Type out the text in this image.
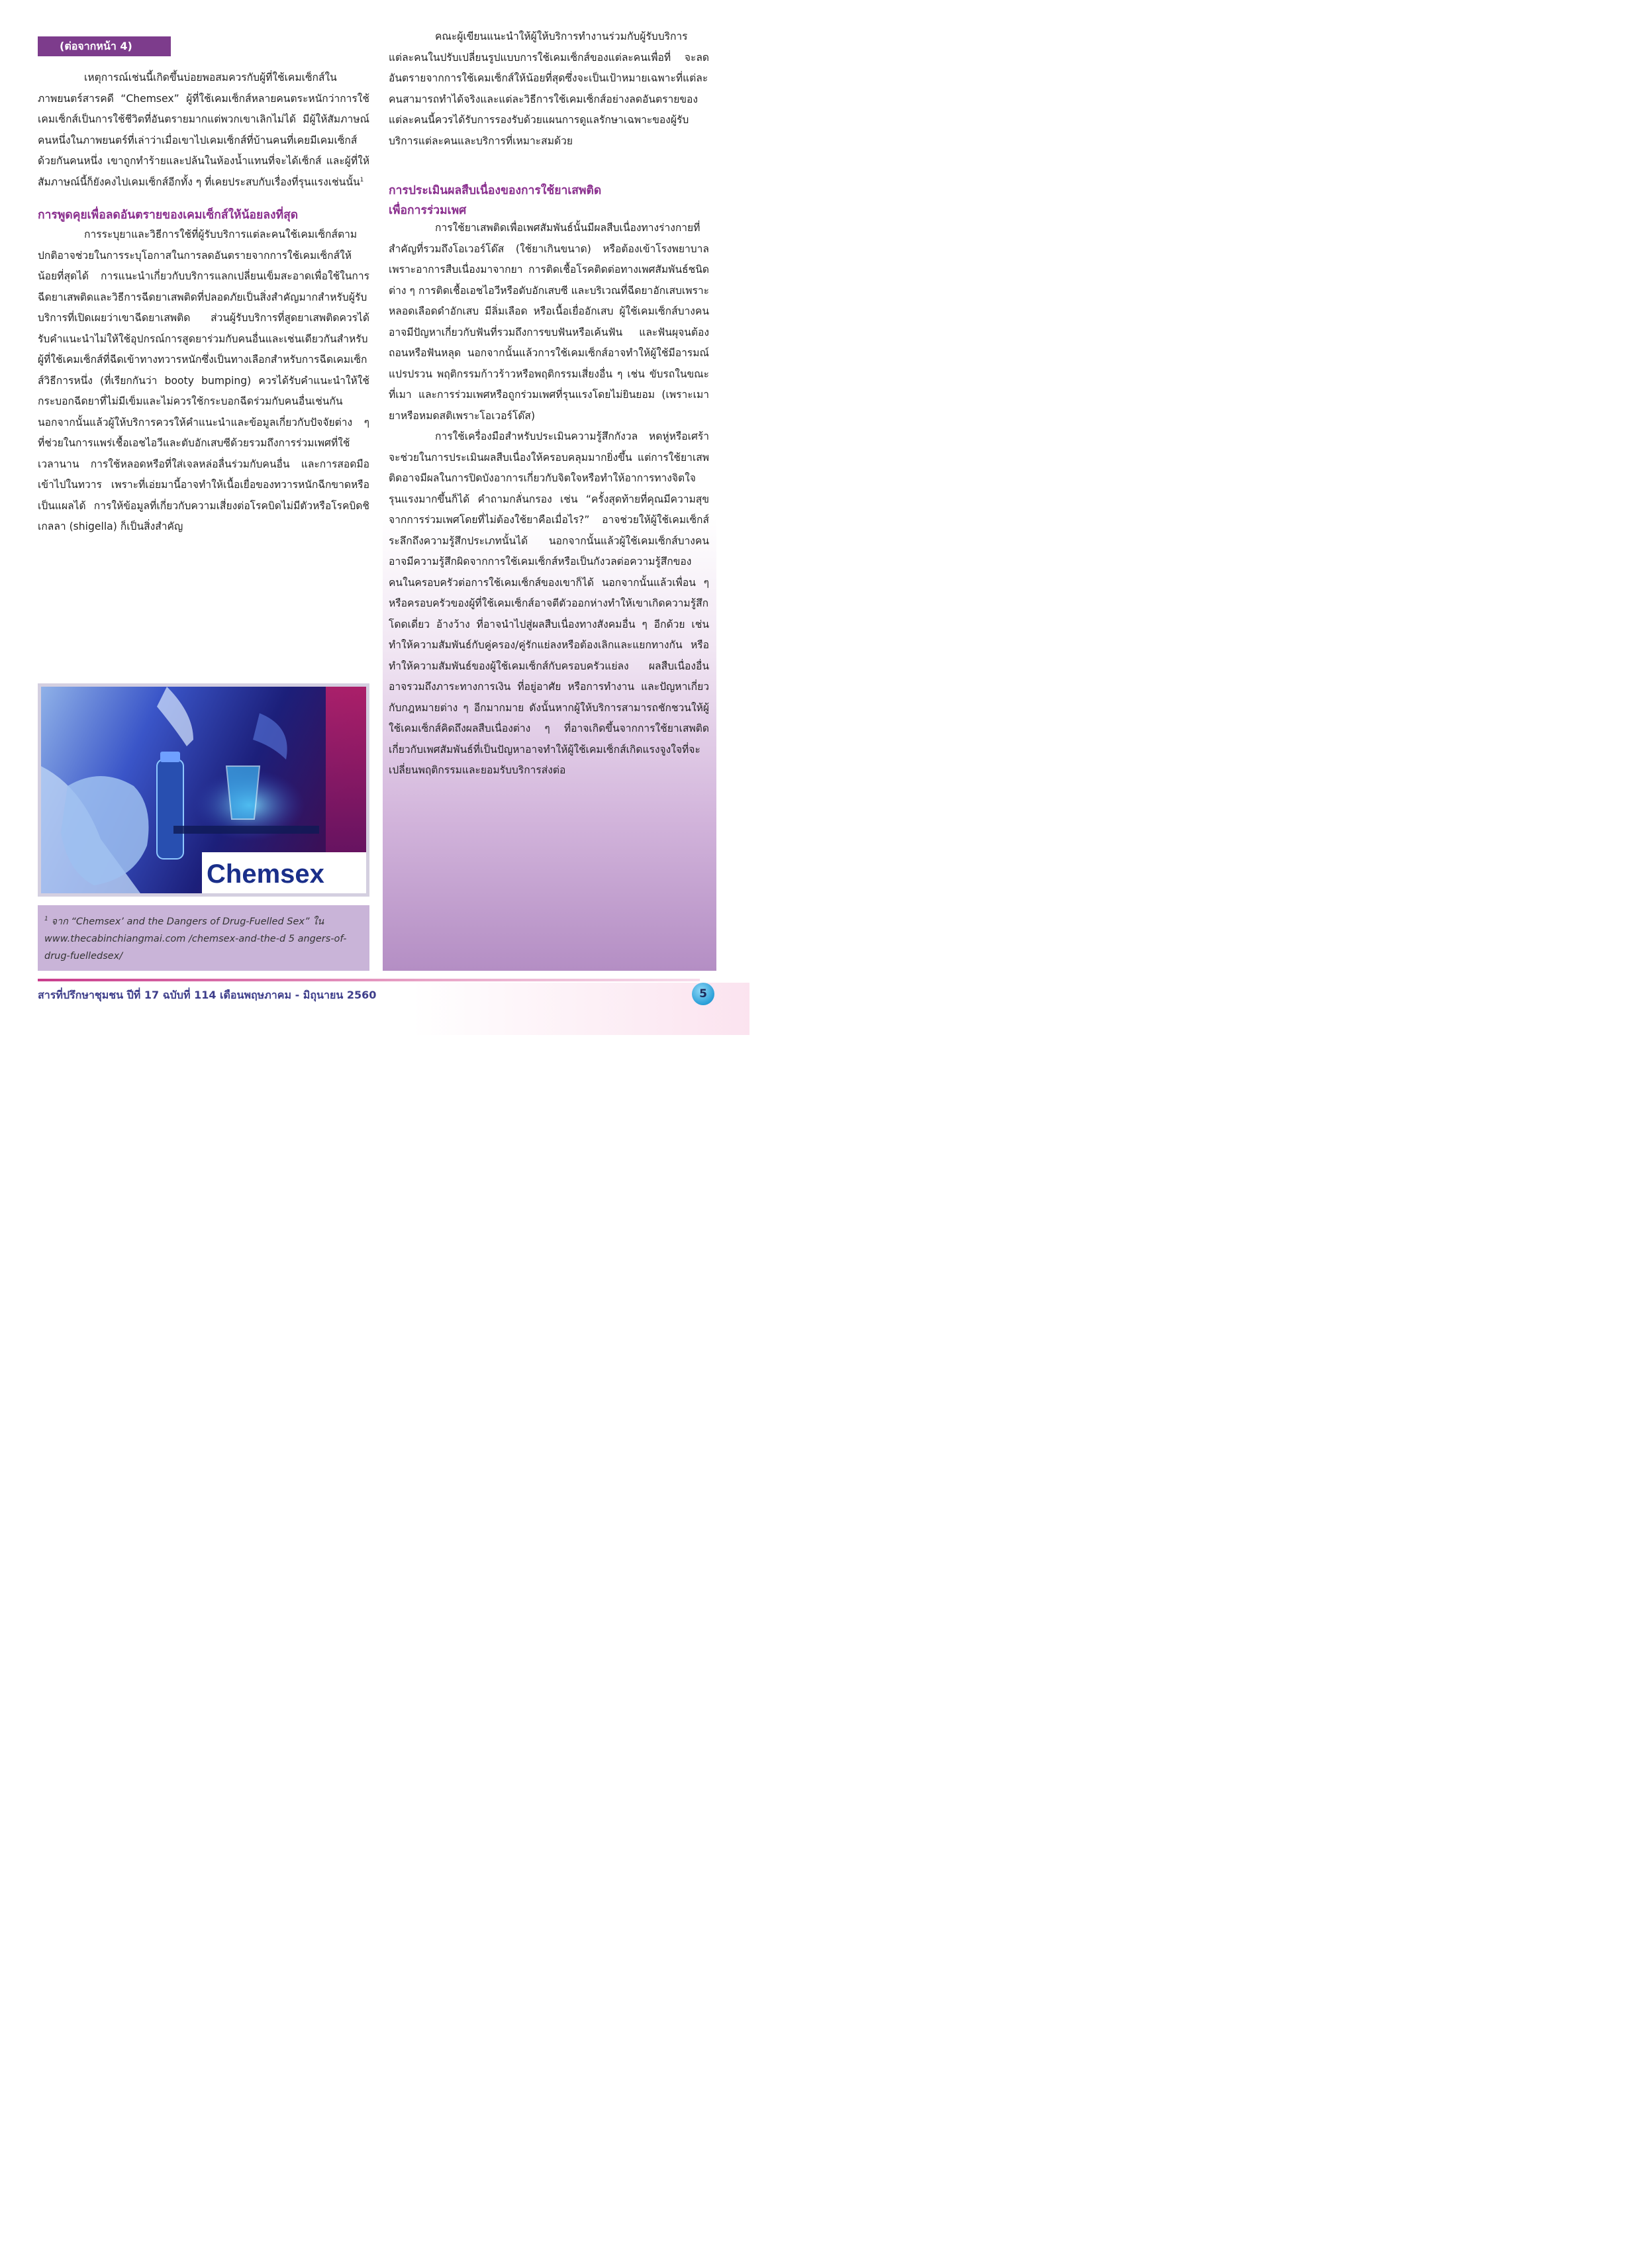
(ต่อจากหน้า 4)

เหตุการณ์เช่นนี้เกิดขึ้นบ่อยพอสมควรกับผู้ที่ใช้เคมเซ็กส์ในภาพยนตร์สารคดี “Chemsex” ผู้ที่ใช้เคมเซ็กส์หลายคนตระหนักว่าการใช้เคมเซ็กส์เป็นการใช้ชีวิตที่อันตรายมากแต่พวกเขาเลิกไม่ได้ มีผู้ให้สัมภาษณ์คนหนึ่งในภาพยนตร์ที่เล่าว่าเมื่อเขาไปเคมเซ็กส์ที่บ้านคนที่เคยมีเคมเซ็กส์ด้วยกันคนหนึ่ง เขาถูกทำร้ายและปล้นในห้องน้ำแทนที่จะได้เซ็กส์ และผู้ที่ให้สัมภาษณ์นี้ก็ยังคงไปเคมเซ็กส์อีกทั้ง ๆ ที่เคยประสบกับเรื่องที่รุนแรงเช่นนั้น$^1$

การพูดคุยเพื่อลดอันตรายของเคมเซ็กส์ให้น้อยลงที่สุด

การระบุยาและวิธีการใช้ที่ผู้รับบริการแต่ละคนใช้เคมเซ็กส์ตามปกติอาจช่วยในการระบุโอกาสในการลดอันตรายจากการใช้เคมเซ็กส์ให้น้อยที่สุดได้ การแนะนำเกี่ยวกับบริการแลกเปลี่ยนเข็มสะอาดเพื่อใช้ในการฉีดยาเสพติดและวิธีการฉีดยาเสพติดที่ปลอดภัยเป็นสิ่งสำคัญมากสำหรับผู้รับบริการที่เปิดเผยว่าเขาฉีดยาเสพติด ส่วนผู้รับบริการที่สูดยาเสพติดควรได้รับคำแนะนำไม่ให้ใช้อุปกรณ์การสูดยาร่วมกับคนอื่นและเช่นเดียวกันสำหรับผู้ที่ใช้เคมเซ็กส์ที่ฉีดเข้าทางทวารหนักซึ่งเป็นทางเลือกสำหรับการฉีดเคมเซ็กส์วิธีการหนึ่ง (ที่เรียกกันว่า booty bumping) ควรได้รับคำแนะนำให้ใช้กระบอกฉีดยาที่ไม่มีเข็มและไม่ควรใช้กระบอกฉีดร่วมกับคนอื่นเช่นกัน นอกจากนั้นแล้วผู้ให้บริการควรให้คำแนะนำและข้อมูลเกี่ยวกับปัจจัยต่าง ๆ ที่ช่วยในการแพร่เชื้อเอชไอวีและตับอักเสบซีด้วยรวมถึงการร่วมเพศที่ใช้เวลานาน การใช้หลอดหรือที่ใส่เจลหล่อลื่นร่วมกับคนอื่น และการสอดมือเข้าไปในทวาร เพราะที่เอ่ยมานี้อาจทำให้เนื้อเยื่อของทวารหนักฉีกขาดหรือเป็นแผลได้ การให้ข้อมูลที่เกี่ยวกับความเสี่ยงต่อโรคบิดไม่มีตัวหรือโรคบิดชิเกลลา (shigella) ก็เป็นสิ่งสำคัญ

Chemsex
$^1$ จาก “Chemsex’ and the Dangers of Drug-Fuelled Sex” ใน www.thecabinchiangmai.com /chemsex-and-the-d 5 angers-of- drug-fuelledsex/

คณะผู้เขียนแนะนำให้ผู้ให้บริการทำงานร่วมกับผู้รับบริการแต่ละคนในปรับเปลี่ยนรูปแบบการใช้เคมเซ็กส์ของแต่ละคนเพื่อที่ จะลดอันตรายจากการใช้เคมเซ็กส์ให้น้อยที่สุดซึ่งจะเป็นเป้าหมายเฉพาะที่แต่ละคนสามารถทำได้จริงและแต่ละวิธีการใช้เคมเซ็กส์อย่างลดอันตรายของแต่ละคนนี้ควรได้รับการรองรับด้วยแผนการดูแลรักษาเฉพาะของผู้รับบริการแต่ละคนและบริการที่เหมาะสมด้วย

การประเมินผลสืบเนื่องของการใช้ยาเสพติด
เพื่อการร่วมเพศ

การใช้ยาเสพติดเพื่อเพศสัมพันธ์นั้นมีผลสืบเนื่องทางร่างกายที่สำคัญที่รวมถึงโอเวอร์โด๊ส (ใช้ยาเกินขนาด) หรือต้องเข้าโรงพยาบาลเพราะอาการสืบเนื่องมาจากยา การติดเชื้อโรคติดต่อทางเพศสัมพันธ์ชนิดต่าง ๆ การติดเชื้อเอชไอวีหรือตับอักเสบซี และบริเวณที่ฉีดยาอักเสบเพราะหลอดเลือดดำอักเสบ มีลิ่มเลือด หรือเนื้อเยื่ออักเสบ ผู้ใช้เคมเซ็กส์บางคนอาจมีปัญหาเกี่ยวกับฟันที่รวมถึงการขบฟันหรือเค้นฟัน และฟันผุจนต้องถอนหรือฟันหลุด นอกจากนั้นแล้วการใช้เคมเซ็กส์อาจทำให้ผู้ใช้มีอารมณ์แปรปรวน พฤติกรรมก้าวร้าวหรือพฤติกรรมเสี่ยงอื่น ๆ เช่น ขับรถในขณะที่เมา และการร่วมเพศหรือถูกร่วมเพศที่รุนแรงโดยไม่ยินยอม (เพราะเมายาหรือหมดสติเพราะโอเวอร์โด๊ส)

การใช้เครื่องมือสำหรับประเมินความรู้สึกกังวล หดหู่หรือเศร้าจะช่วยในการประเมินผลสืบเนื่องให้ครอบคลุมมากยิ่งขึ้น แต่การใช้ยาเสพติดอาจมีผลในการปิดบังอาการเกี่ยวกับจิตใจหรือทำให้อาการทางจิตใจรุนแรงมากขึ้นก็ได้ คำถามกลั่นกรอง เช่น “ครั้งสุดท้ายที่คุณมีความสุขจากการร่วมเพศโดยที่ไม่ต้องใช้ยาคือเมื่อไร?” อาจช่วยให้ผู้ใช้เคมเซ็กส์ระลึกถึงความรู้สึกประเภทนั้นได้ นอกจากนั้นแล้วผู้ใช้เคมเซ็กส์บางคนอาจมีความรู้สึกผิดจากการใช้เคมเซ็กส์หรือเป็นกังวลต่อความรู้สึกของคนในครอบครัวต่อการใช้เคมเซ็กส์ของเขาก็ได้ นอกจากนั้นแล้วเพื่อน ๆ หรือครอบครัวของผู้ที่ใช้เคมเซ็กส์อาจตีตัวออกห่างทำให้เขาเกิดความรู้สึกโดดเดี่ยว อ้างว้าง ที่อาจนำไปสู่ผลสืบเนื่องทางสังคมอื่น ๆ อีกด้วย เช่น ทำให้ความสัมพันธ์กับคู่ครอง/คู่รักแย่ลงหรือต้องเลิกและแยกทางกัน หรือทำให้ความสัมพันธ์ของผู้ใช้เคมเซ็กส์กับครอบครัวแย่ลง ผลสืบเนื่องอื่นอาจรวมถึงภาระทางการเงิน ที่อยู่อาศัย หรือการทำงาน และปัญหาเกี่ยวกับกฎหมายต่าง ๆ อีกมากมาย ดังนั้นหากผู้ให้บริการสามารถชักชวนให้ผู้ใช้เคมเซ็กส์คิดถึงผลสืบเนื่องต่าง ๆ ที่อาจเกิดขึ้นจากการใช้ยาเสพติดเกี่ยวกับเพศสัมพันธ์ที่เป็นปัญหาอาจทำให้ผู้ใช้เคมเซ็กส์เกิดแรงจูงใจที่จะเปลี่ยนพฤติกรรมและยอมรับบริการส่งต่อ

สารที่ปรึกษาชุมชน ปีที่ 17 ฉบับที่ 114 เดือนพฤษภาคม - มิถุนายน 2560	5
